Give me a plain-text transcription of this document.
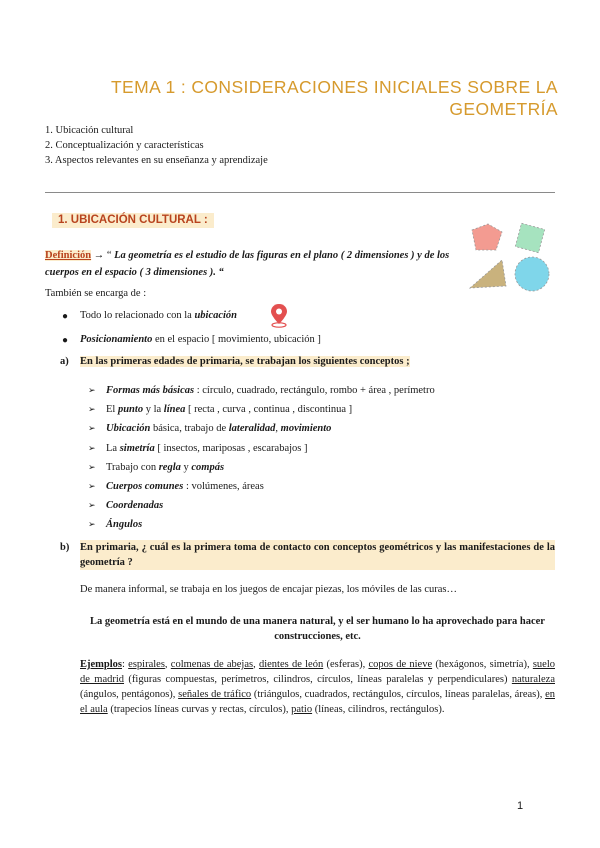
TEMA 1 : CONSIDERACIONES INICIALES SOBRE LA GEOMETRÍA
1. Ubicación cultural
2. Conceptualización y características
3. Aspectos relevantes en su enseñanza y aprendizaje
1. UBICACIÓN CULTURAL :
Definición → “ La geometría es el estudio de las figuras en el plano ( 2 dimensiones ) y de los cuerpos en el espacio ( 3 dimensiones ). “
También se encarga de :
● Todo lo relacionado con la ubicación
● Posicionamiento en el espacio [ movimiento, ubicación ]
a) En las primeras edades de primaria, se trabajan los siguientes conceptos ;
➢ Formas más básicas : círculo, cuadrado, rectángulo, rombo + área , perímetro
➢ El punto y la línea [ recta , curva , continua , discontinua ]
➢ Ubicación básica, trabajo de lateralidad, movimiento
➢ La simetría [ insectos, mariposas , escarabajos ]
➢ Trabajo con regla y compás
➢ Cuerpos comunes : volúmenes, áreas
➢ Coordenadas
➢ Ángulos
b) En primaria, ¿ cuál es la primera toma de contacto con conceptos geométricos y las manifestaciones de la geometría ?
De manera informal, se trabaja en los juegos de encajar piezas, los móviles de las curas…
La geometría está en el mundo de una manera natural, y el ser humano lo ha aprovechado para hacer construcciones, etc.
Ejemplos: espirales, colmenas de abejas, dientes de león (esferas), copos de nieve (hexágonos, simetría), suelo de madrid (figuras compuestas, perímetros, cilindros, círculos, líneas paralelas y perpendiculares) naturaleza (ángulos, pentágonos), señales de tráfico (triángulos, cuadrados, rectángulos, círculos, líneas paralelas, áreas), en el aula (trapecios líneas curvas y rectas, círculos), patio (líneas, cilindros, rectángulos).
1
